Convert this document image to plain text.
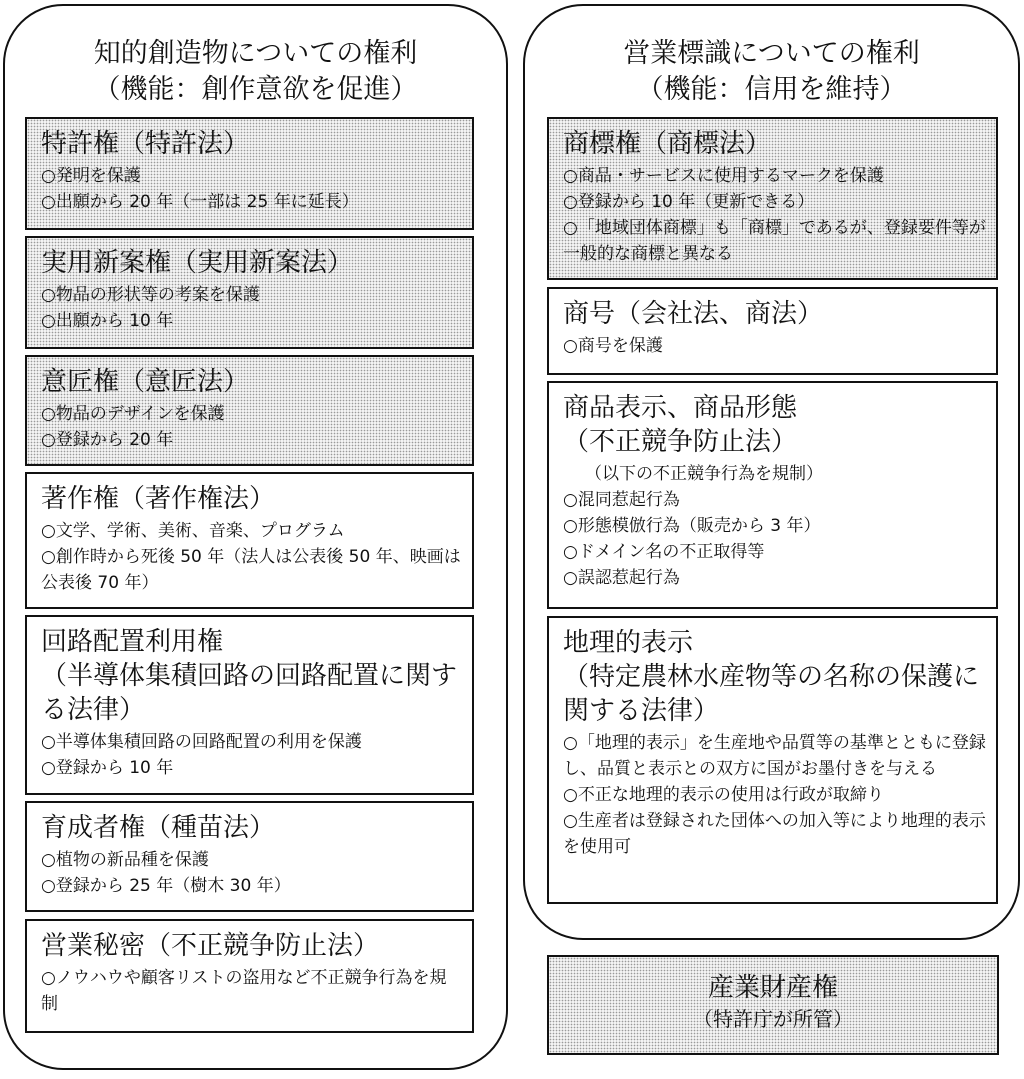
知的創造物についての権利
（機能：創作意欲を促進）
特許権（特許法）
○発明を保護
○出願から 20 年（一部は 25 年に延長）
実用新案権（実用新案法）
○物品の形状等の考案を保護
○出願から 10 年
意匠権（意匠法）
○物品のデザインを保護
○登録から 20 年
著作権（著作権法）
○文学、学術、美術、音楽、プログラム
○創作時から死後 50 年（法人は公表後 50 年、映画は公表後 70 年）
回路配置利用権
（半導体集積回路の回路配置に関する法律）
○半導体集積回路の回路配置の利用を保護
○登録から 10 年
育成者権（種苗法）
○植物の新品種を保護
○登録から 25 年（樹木 30 年）
営業秘密（不正競争防止法）
○ノウハウや顧客リストの盗用など不正競争行為を規制
営業標識についての権利
（機能：信用を維持）
商標権（商標法）
○商品・サービスに使用するマークを保護
○登録から 10 年（更新できる）
○「地域団体商標」も「商標」であるが、登録要件等が一般的な商標と異なる
商号（会社法、商法）
○商号を保護
商品表示、商品形態
（不正競争防止法）
（以下の不正競争行為を規制）
○混同惹起行為
○形態模倣行為（販売から 3 年）
○ドメイン名の不正取得等
○誤認惹起行為
地理的表示
（特定農林水産物等の名称の保護に関する法律）
○「地理的表示」を生産地や品質等の基準とともに登録し、品質と表示との双方に国がお墨付きを与える
○不正な地理的表示の使用は行政が取締り
○生産者は登録された団体への加入等により地理的表示を使用可
産業財産権
（特許庁が所管）
